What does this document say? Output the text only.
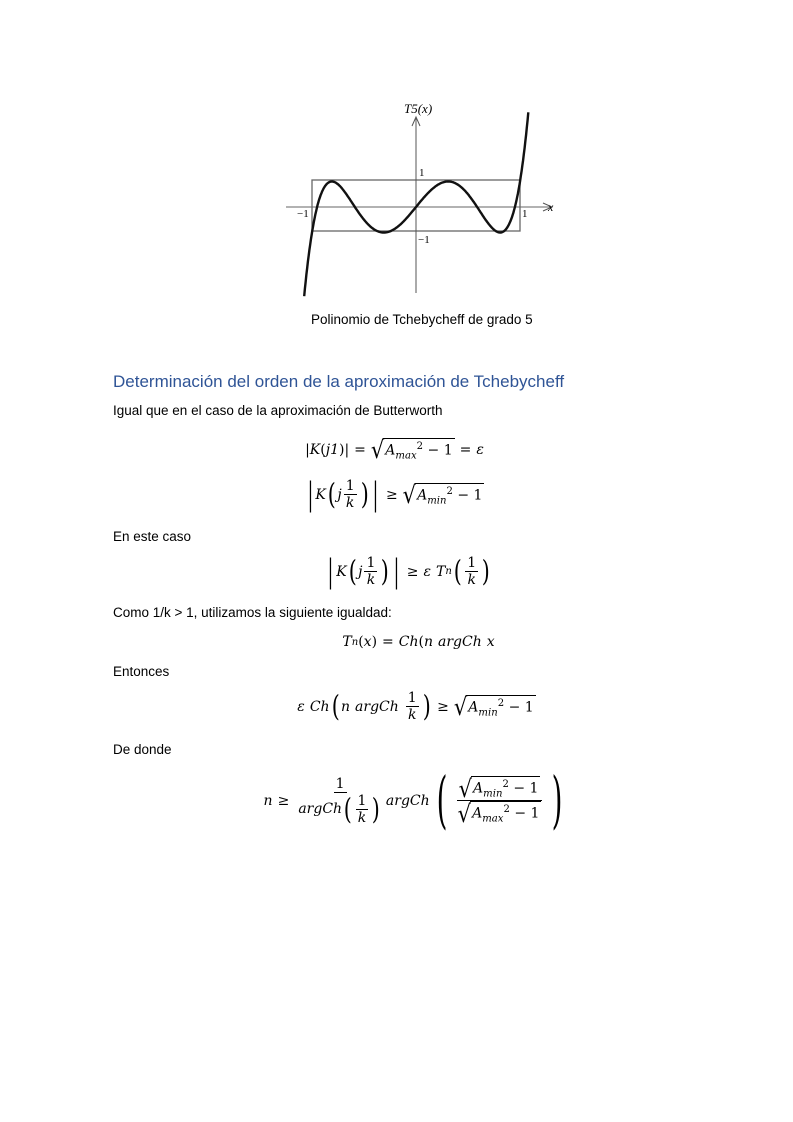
T5(x)
x
−1	1
1
−1
Polinomio de Tchebycheff de grado 5
Determinación del orden de la aproximación de Tchebycheff
Igual que en el caso de la aproximación de Butterworth
| K ( j1 ) | = √ $A_{max}^2 - 1 = \varepsilon$
| K ( j $\frac{1}{k}$ ) | ≥ √ $A_{min}^2 - 1$
En este caso
| K ( j $\frac{1}{k}$ ) | ≥ ε T n ( $\frac{1}{k}$ )
Como 1/k > 1, utilizamos la siguiente igualdad:
T n ( x ) = Ch ( n argCh x
Entonces
ε Ch ( n argCh $\frac{1}{k}$ ) ≥ √ $A_{min}^2 - 1$
De donde
$n \ge \frac{1}{argCh ( \frac{1}{k} )}$ argCh ( $\frac{√ A_{min}^2 - 1}{√ A_{max}^2 - 1}$ )
